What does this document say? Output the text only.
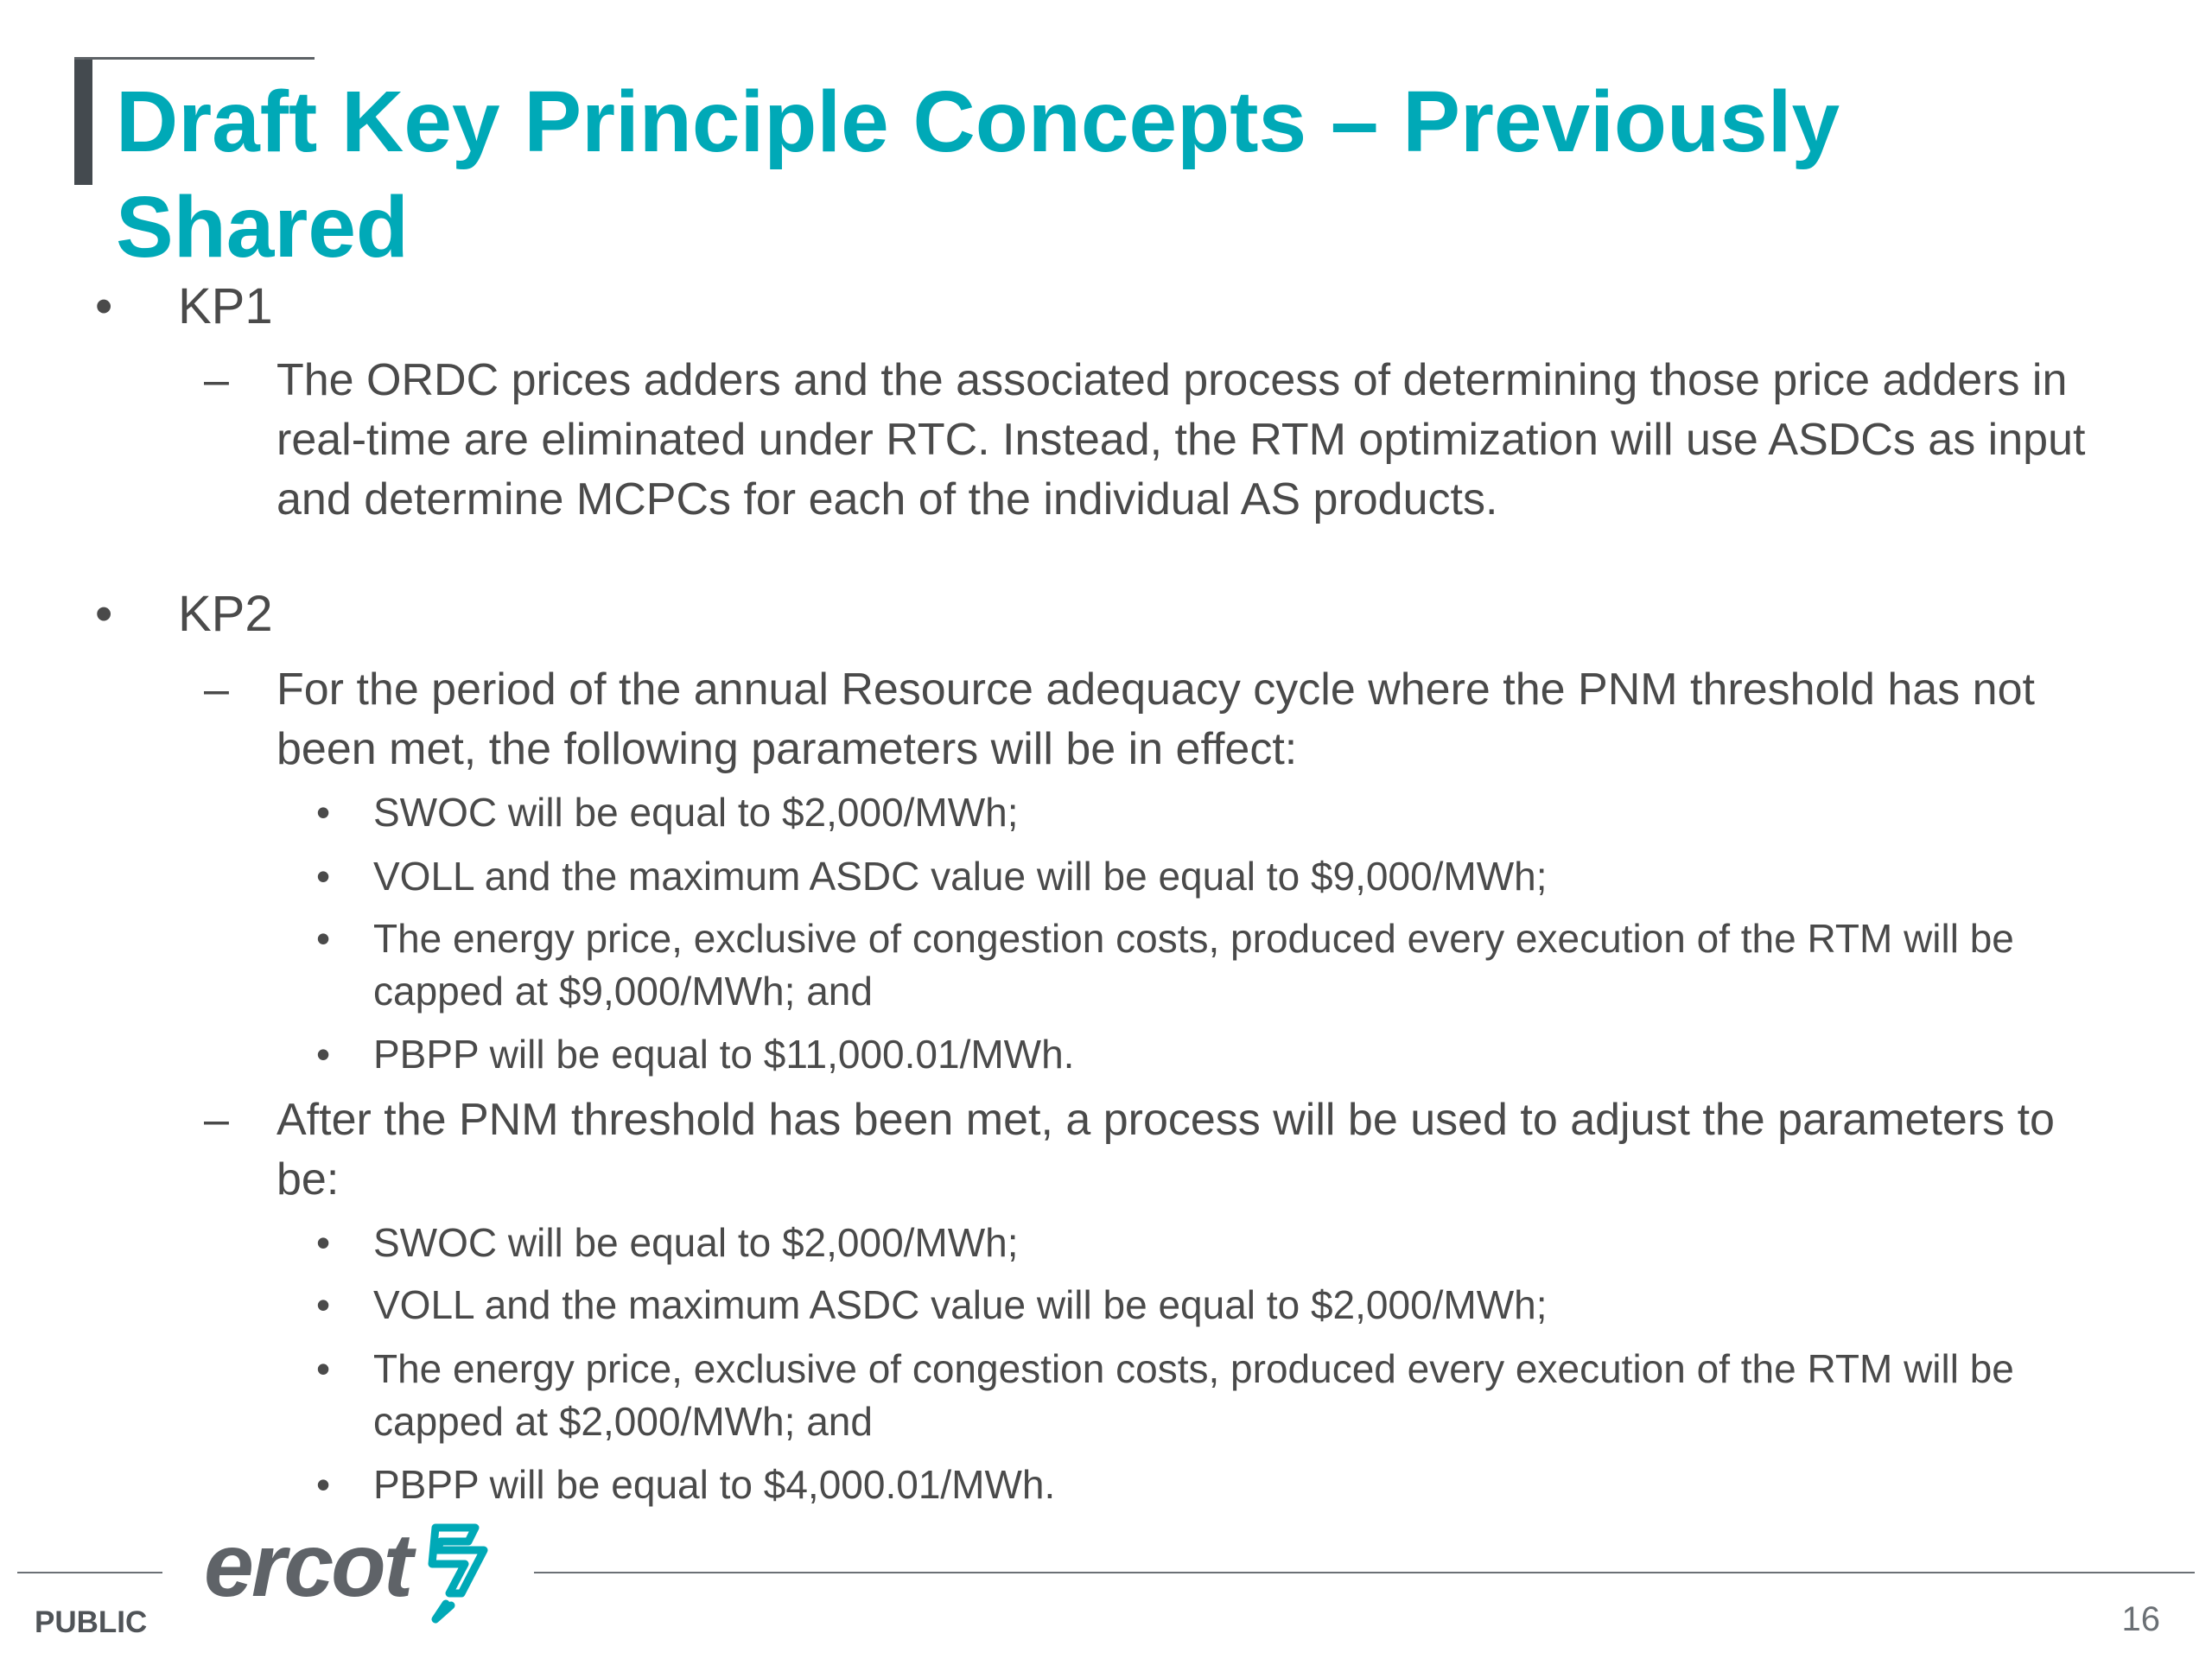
Draft Key Principle Concepts – Previously Shared
• KP1
– The ORDC prices adders and the associated process of determining those price adders in real-time are eliminated under RTC. Instead, the RTM optimization will use ASDCs as input and determine MCPCs for each of the individual AS products.
• KP2
– For the period of the annual Resource adequacy cycle where the PNM threshold has not been met, the following parameters will be in effect:
• SWOC will be equal to $2,000/MWh;
• VOLL and the maximum ASDC value will be equal to $9,000/MWh;
• The energy price, exclusive of congestion costs, produced every execution of the RTM will be capped at $9,000/MWh; and
• PBPP will be equal to $11,000.01/MWh.
– After the PNM threshold has been met, a process will be used to adjust the parameters to be:
• SWOC will be equal to $2,000/MWh;
• VOLL and the maximum ASDC value will be equal to $2,000/MWh;
• The energy price, exclusive of congestion costs, produced every execution of the RTM will be capped at $2,000/MWh; and
• PBPP will be equal to $4,000.01/MWh.
ercot
PUBLIC	16
